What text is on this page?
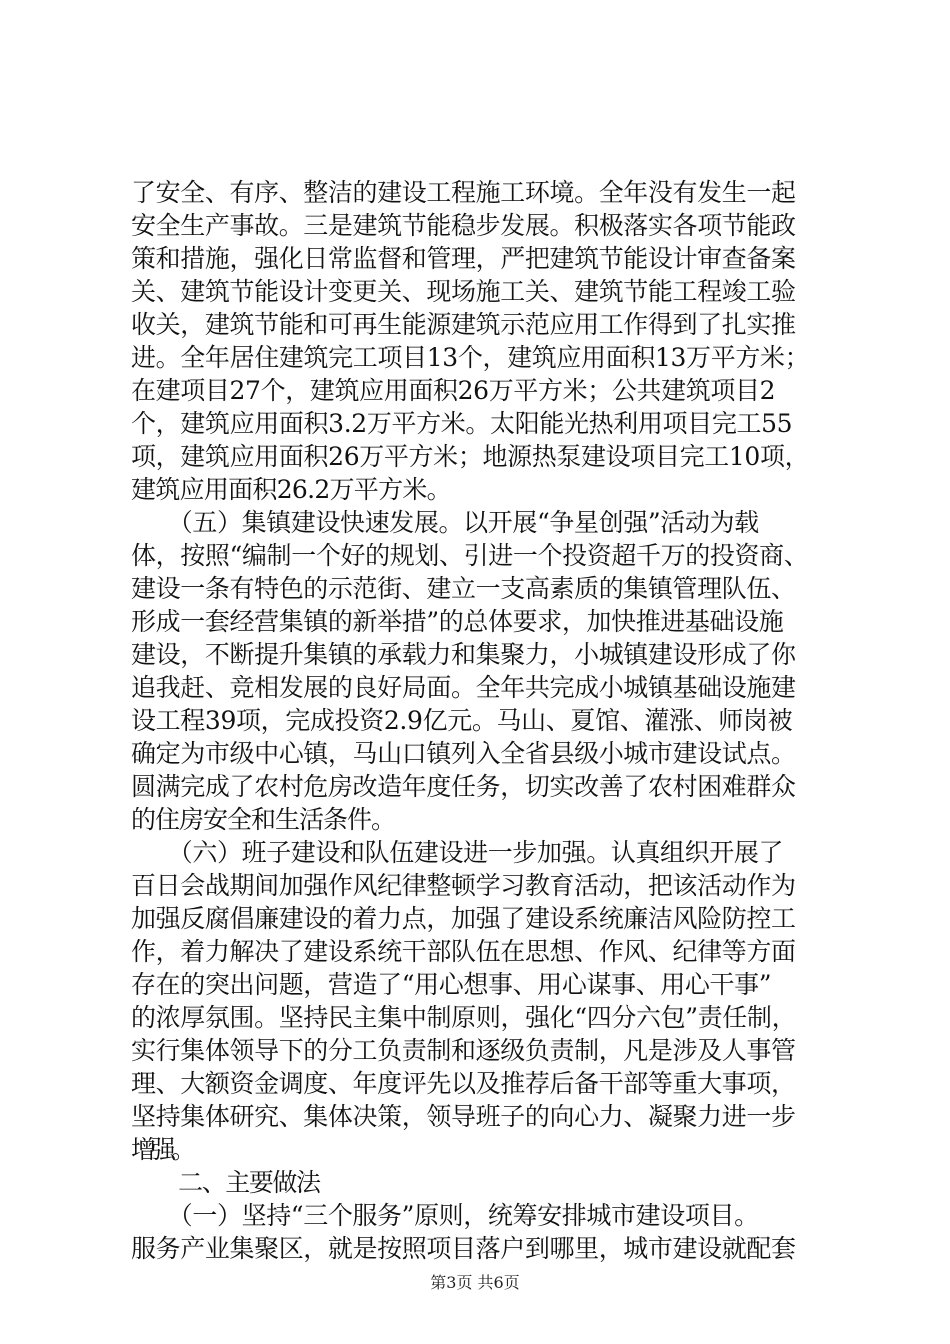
了安全、有序、整洁的建设工程施工环境。全年没有发生一起
安全生产事故。三是建筑节能稳步发展。积极落实各项节能政
策和措施，强化日常监督和管理，严把建筑节能设计审查备案
关、建筑节能设计变更关、现场施工关、建筑节能工程竣工验
收关，建筑节能和可再生能源建筑示范应用工作得到了扎实推
进。全年居住建筑完工项目13个，建筑应用面积13万平方米；
在建项目27个，建筑应用面积26万平方米；公共建筑项目2
个，建筑应用面积3.2万平方米。太阳能光热利用项目完工55
项，建筑应用面积26万平方米；地源热泵建设项目完工10项，
建筑应用面积26.2万平方米。
　　（五）集镇建设快速发展。以开展“争星创强”活动为载
体，按照“编制一个好的规划、引进一个投资超千万的投资商、
建设一条有特色的示范街、建立一支高素质的集镇管理队伍、
形成一套经营集镇的新举措”的总体要求，加快推进基础设施
建设，不断提升集镇的承载力和集聚力，小城镇建设形成了你
追我赶、竞相发展的良好局面。全年共完成小城镇基础设施建
设工程39项，完成投资2.9亿元。马山、夏馆、灌涨、师岗被
确定为市级中心镇，马山口镇列入全省县级小城市建设试点。
圆满完成了农村危房改造年度任务，切实改善了农村困难群众
的住房安全和生活条件。
　　（六）班子建设和队伍建设进一步加强。认真组织开展了
百日会战期间加强作风纪律整顿学习教育活动，把该活动作为
加强反腐倡廉建设的着力点，加强了建设系统廉洁风险防控工
作，着力解决了建设系统干部队伍在思想、作风、纪律等方面
存在的突出问题，营造了“用心想事、用心谋事、用心干事”
的浓厚氛围。坚持民主集中制原则，强化“四分六包”责任制，
实行集体领导下的分工负责制和逐级负责制，凡是涉及人事管
理、大额资金调度、年度评先以及推荐后备干部等重大事项，
坚持集体研究、集体决策，领导班子的向心力、凝聚力进一步
增强。
　　二、主要做法
　　（一）坚持“三个服务”原则，统筹安排城市建设项目。
服务产业集聚区，就是按照项目落户到哪里，城市建设就配套
第3页 共6页
